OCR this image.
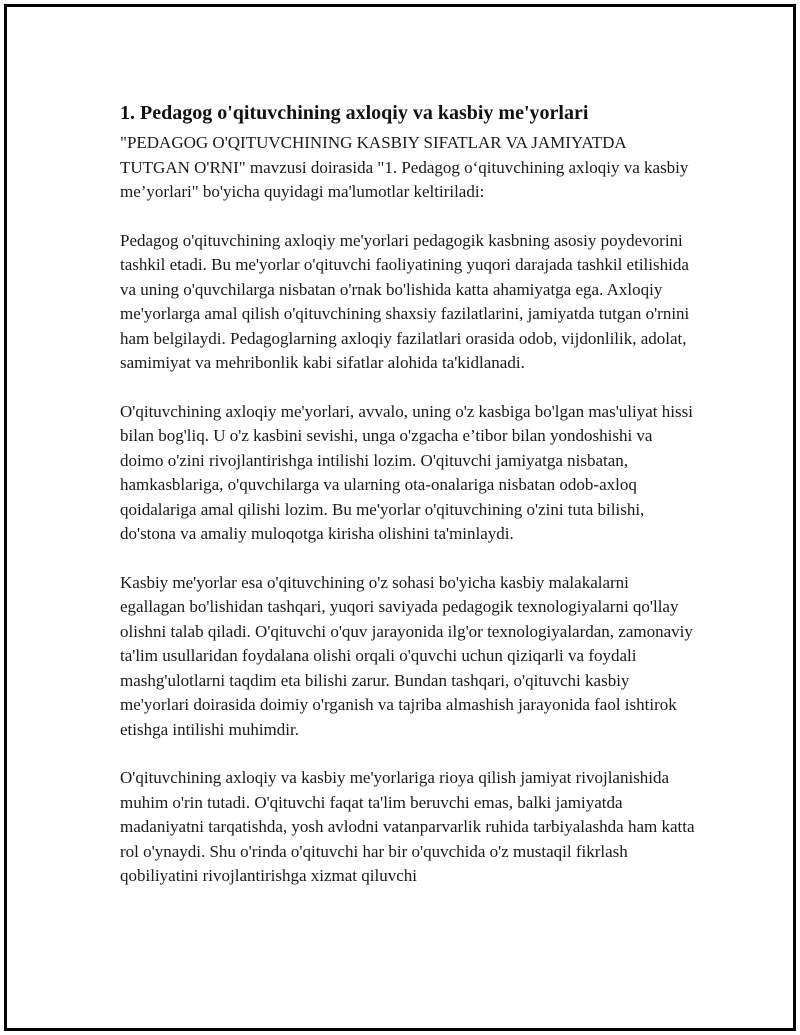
1. Pedagog o'qituvchining axloqiy va kasbiy me'yorlari

"PEDAGOG O'QITUVCHINING KASBIY SIFATLAR VA JAMIYATDA TUTGAN O'RNI" mavzusi doirasida "1. Pedagog o‘qituvchining axloqiy va kasbiy me’yorlari" bo'yicha quyidagi ma'lumotlar keltiriladi:

Pedagog o'qituvchining axloqiy me'yorlari pedagogik kasbning asosiy poydevorini tashkil etadi. Bu me'yorlar o'qituvchi faoliyatining yuqori darajada tashkil etilishida va uning o'quvchilarga nisbatan o'rnak bo'lishida katta ahamiyatga ega. Axloqiy me'yorlarga amal qilish o'qituvchining shaxsiy fazilatlarini, jamiyatda tutgan o'rnini ham belgilaydi. Pedagoglarning axloqiy fazilatlari orasida odob, vijdonlilik, adolat, samimiyat va mehribonlik kabi sifatlar alohida ta'kidlanadi.

O'qituvchining axloqiy me'yorlari, avvalo, uning o'z kasbiga bo'lgan mas'uliyat hissi bilan bog'liq. U o'z kasbini sevishi, unga o'zgacha e’tibor bilan yondoshishi va doimo o'zini rivojlantirishga intilishi lozim. O'qituvchi jamiyatga nisbatan, hamkasblariga, o'quvchilarga va ularning ota-onalariga nisbatan odob-axloq qoidalariga amal qilishi lozim. Bu me'yorlar o'qituvchining o'zini tuta bilishi, do'stona va amaliy muloqotga kirisha olishini ta'minlaydi.

Kasbiy me'yorlar esa o'qituvchining o'z sohasi bo'yicha kasbiy malakalarni egallagan bo'lishidan tashqari, yuqori saviyada pedagogik texnologiyalarni qo'llay olishni talab qiladi. O'qituvchi o'quv jarayonida ilg'or texnologiyalardan, zamonaviy ta'lim usullaridan foydalana olishi orqali o'quvchi uchun qiziqarli va foydali mashg'ulotlarni taqdim eta bilishi zarur. Bundan tashqari, o'qituvchi kasbiy me'yorlari doirasida doimiy o'rganish va tajriba almashish jarayonida faol ishtirok etishga intilishi muhimdir.

O'qituvchining axloqiy va kasbiy me'yorlariga rioya qilish jamiyat rivojlanishida muhim o'rin tutadi. O'qituvchi faqat ta'lim beruvchi emas, balki jamiyatda madaniyatni tarqatishda, yosh avlodni vatanparvarlik ruhida tarbiyalashda ham katta rol o'ynaydi. Shu o'rinda o'qituvchi har bir o'quvchida o'z mustaqil fikrlash qobiliyatini rivojlantirishga xizmat qiluvchi
